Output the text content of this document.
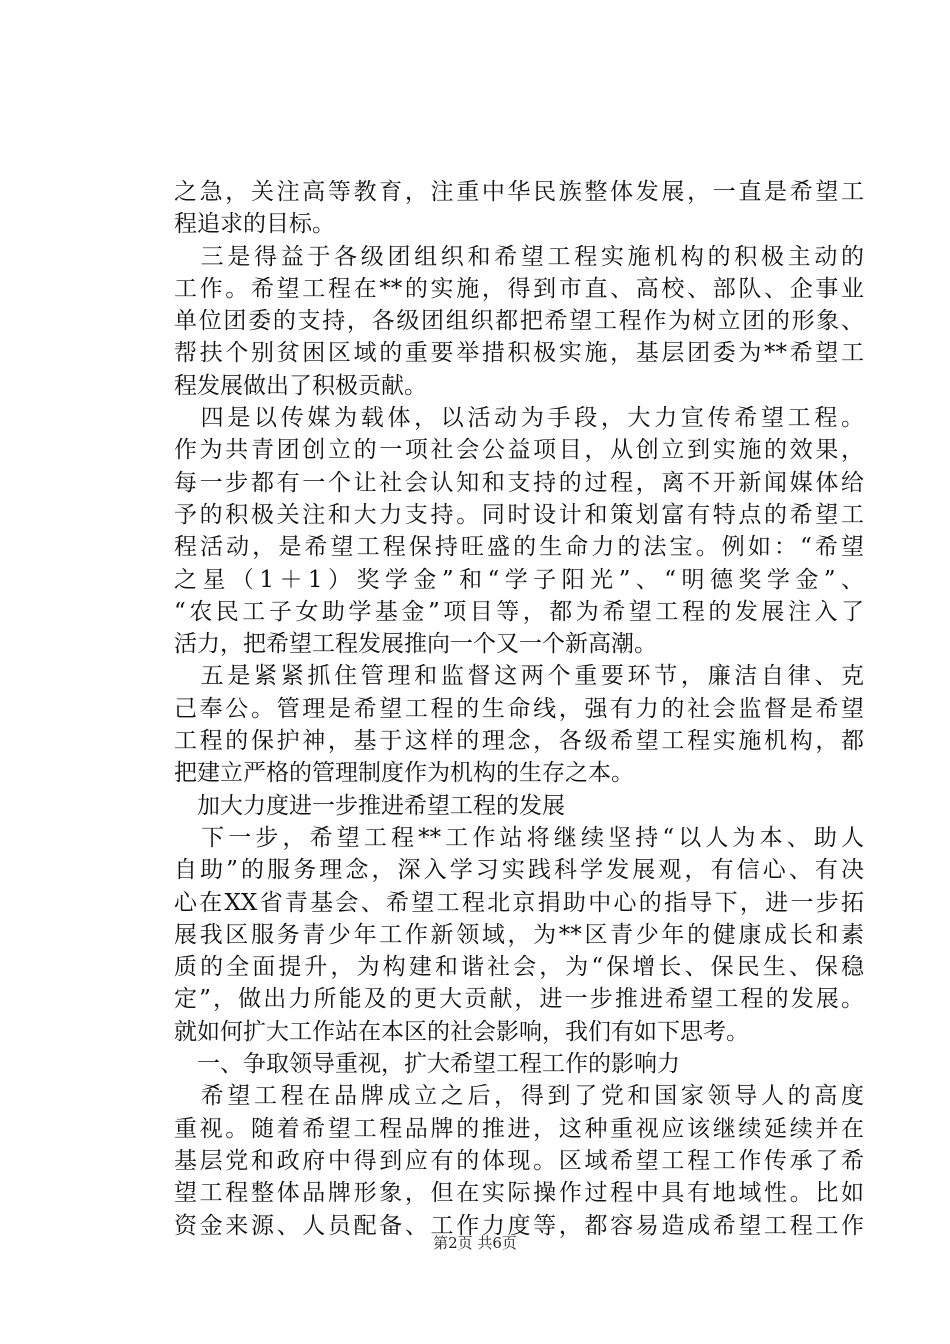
之急，关注高等教育，注重中华民族整体发展，一直是希望工
程追求的目标。
　三是得益于各级团组织和希望工程实施机构的积极主动的
工作。希望工程在**的实施，得到市直、高校、部队、企事业
单位团委的支持，各级团组织都把希望工程作为树立团的形象、
帮扶个别贫困区域的重要举措积极实施，基层团委为**希望工
程发展做出了积极贡献。
　四是以传媒为载体，以活动为手段，大力宣传希望工程。
作为共青团创立的一项社会公益项目，从创立到实施的效果，
每一步都有一个让社会认知和支持的过程，离不开新闻媒体给
予的积极关注和大力支持。同时设计和策划富有特点的希望工
程活动，是希望工程保持旺盛的生命力的法宝。例如：“希望
之星（1＋1）奖学金”和“学子阳光”、“明德奖学金”、
“农民工子女助学基金”项目等，都为希望工程的发展注入了
活力，把希望工程发展推向一个又一个新高潮。
　五是紧紧抓住管理和监督这两个重要环节，廉洁自律、克
己奉公。管理是希望工程的生命线，强有力的社会监督是希望
工程的保护神，基于这样的理念，各级希望工程实施机构，都
把建立严格的管理制度作为机构的生存之本。
　加大力度进一步推进希望工程的发展
　下一步，希望工程**工作站将继续坚持“以人为本、助人
自助”的服务理念，深入学习实践科学发展观，有信心、有决
心在XX省青基会、希望工程北京捐助中心的指导下，进一步拓
展我区服务青少年工作新领域，为**区青少年的健康成长和素
质的全面提升，为构建和谐社会，为“保增长、保民生、保稳
定”，做出力所能及的更大贡献，进一步推进希望工程的发展。
就如何扩大工作站在本区的社会影响，我们有如下思考。
　一、争取领导重视，扩大希望工程工作的影响力
　希望工程在品牌成立之后，得到了党和国家领导人的高度
重视。随着希望工程品牌的推进，这种重视应该继续延续并在
基层党和政府中得到应有的体现。区域希望工程工作传承了希
望工程整体品牌形象，但在实际操作过程中具有地域性。比如
资金来源、人员配备、工作力度等，都容易造成希望工程工作
第2页 共6页
